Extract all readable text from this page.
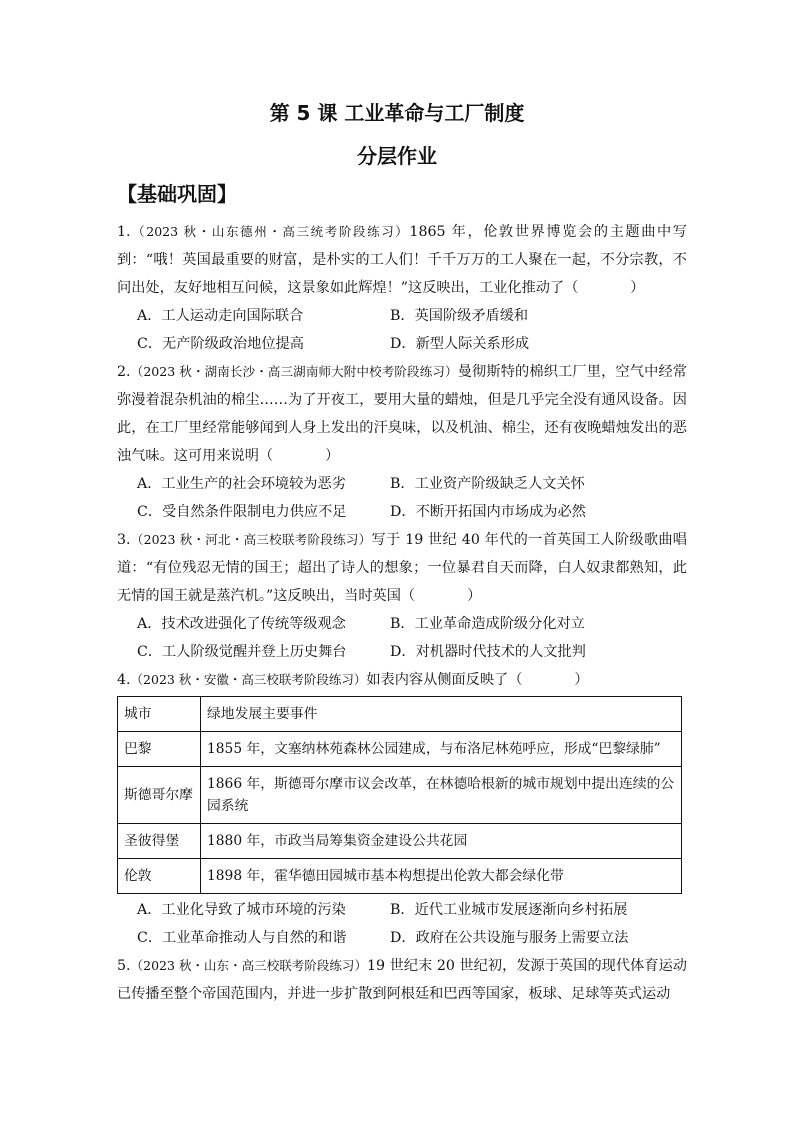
第 5 课 工业革命与工厂制度
分层作业
【基础巩固】

1.（2023 秋・山东德州・高三统考阶段练习）1865 年，伦敦世界博览会的主题曲中写到：“哦！英国最重要的财富，是朴实的工人们！千千万万的工人聚在一起，不分宗教，不问出处，友好地相互问候，这景象如此辉煌！”这反映出，工业化推动了（	）

A．工人运动走向国际联合	B．英国阶级矛盾缓和

C．无产阶级政治地位提高	D．新型人际关系形成

2.（2023 秋・湖南长沙・高三湖南师大附中校考阶段练习）曼彻斯特的棉织工厂里，空气中经常弥漫着混杂机油的棉尘……为了开夜工，要用大量的蜡烛，但是几乎完全没有通风设备。因此，在工厂里经常能够闻到人身上发出的汗臭味，以及机油、棉尘，还有夜晚蜡烛发出的恶浊气味。这可用来说明（	）

A．工业生产的社会环境较为恶劣	B．工业资产阶级缺乏人文关怀

C．受自然条件限制电力供应不足	D．不断开拓国内市场成为必然

3.（2023 秋・河北・高三校联考阶段练习）写于 19 世纪 40 年代的一首英国工人阶级歌曲唱道：“有位残忍无情的国王；超出了诗人的想象；一位暴君自天而降，白人奴隶都熟知，此无情的国王就是蒸汽机。”这反映出，当时英国（	）

A．技术改进强化了传统等级观念	B．工业革命造成阶级分化对立

C．工人阶级觉醒并登上历史舞台	D．对机器时代技术的人文批判

4.（2023 秋・安徽・高三校联考阶段练习）如表内容从侧面反映了（	）

城市	绿地发展主要事件
巴黎	1855 年，文塞纳林苑森林公园建成，与布洛尼林苑呼应，形成“巴黎绿肺”
斯德哥尔摩	1866 年，斯德哥尔摩市议会改革，在林德哈根新的城市规划中提出连续的公园系统
圣彼得堡	1880 年，市政当局筹集资金建设公共花园
伦敦	1898 年，霍华德田园城市基本构想提出伦敦大都会绿化带

A．工业化导致了城市环境的污染	B．近代工业城市发展逐渐向乡村拓展

C．工业革命推动人与自然的和谐	D．政府在公共设施与服务上需要立法

5.（2023 秋・山东・高三校联考阶段练习）19 世纪末 20 世纪初，发源于英国的现代体育运动已传播至整个帝国范围内，并进一步扩散到阿根廷和巴西等国家，板球、足球等英式运动
